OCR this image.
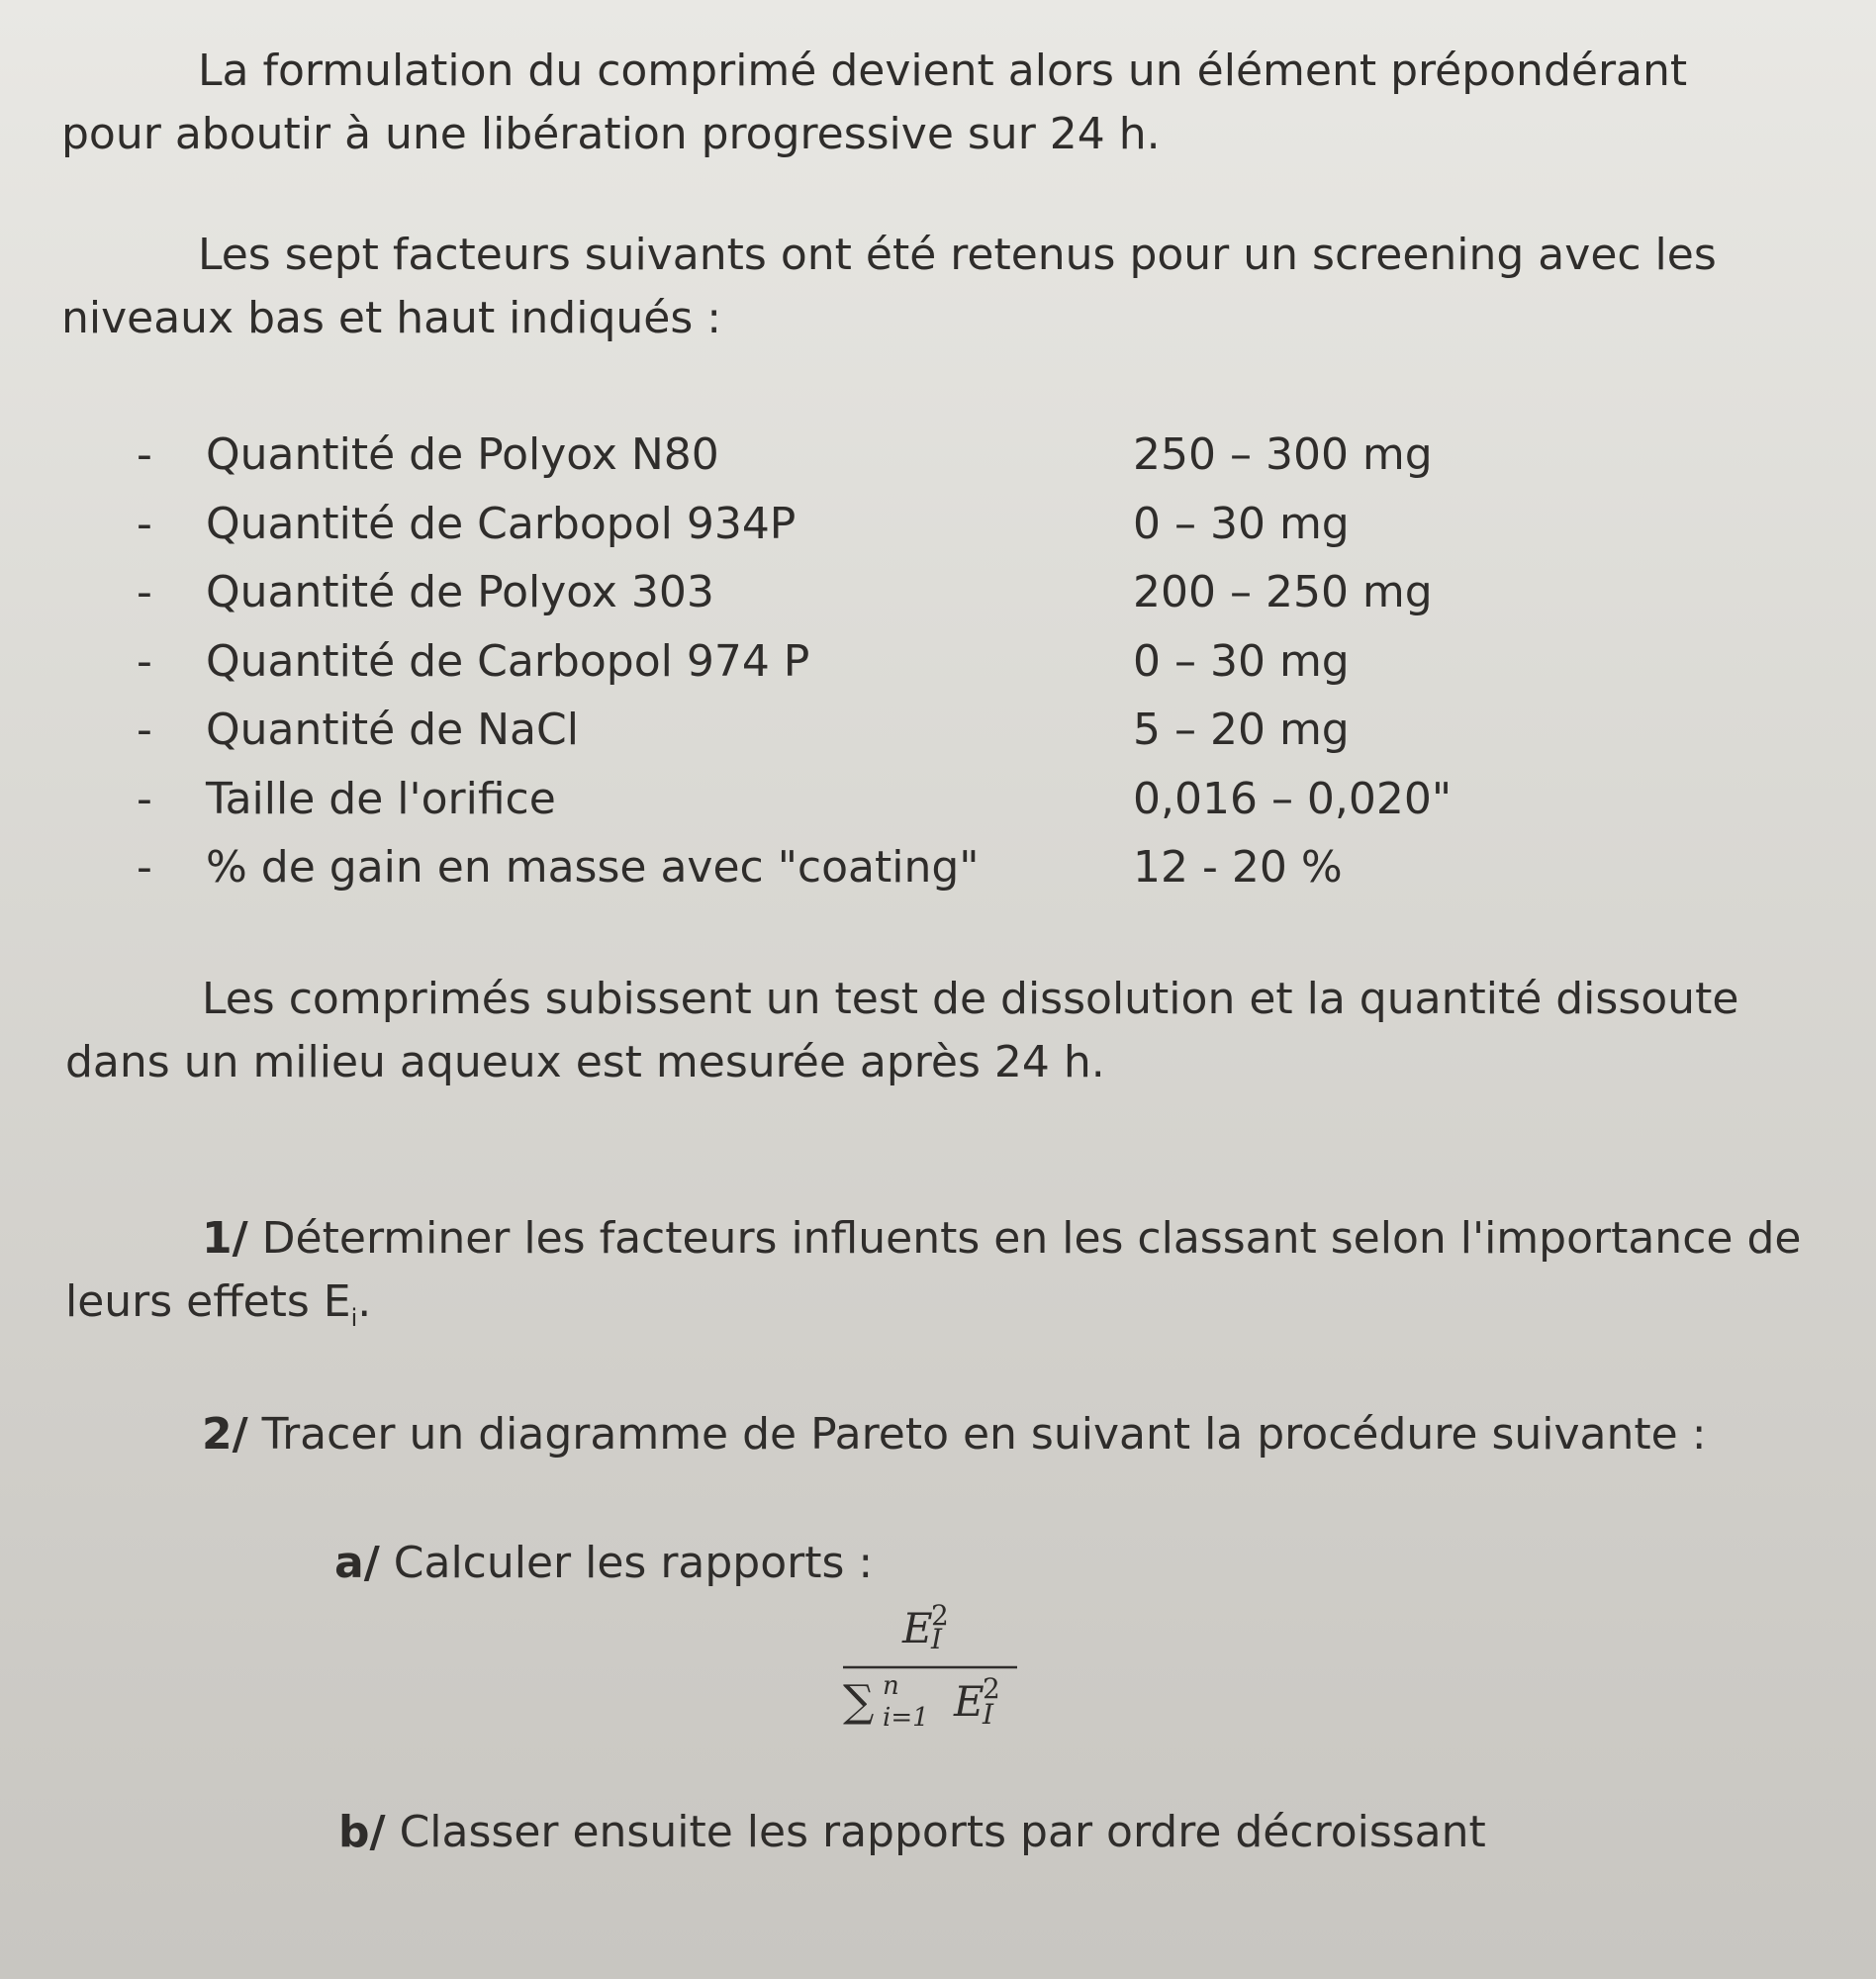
La formulation du comprimé devient alors un élément prépondérant
pour aboutir à une libération progressive sur 24 h.
Les sept facteurs suivants ont été retenus pour un screening avec les
niveaux bas et haut indiqués :
- Quantité de Polyox N80	250 – 300 mg
- Quantité de Carbopol 934P	0 – 30 mg
- Quantité de Polyox 303	200 – 250 mg
- Quantité de Carbopol 974 P	0 – 30 mg
- Quantité de NaCl	5 – 20 mg
- Taille de l'orifice	0,016 – 0,020"
- % de gain en masse avec "coating"	12 - 20 %
Les comprimés subissent un test de dissolution et la quantité dissoute
dans un milieu aqueux est mesurée après 24 h.
1/ Déterminer les facteurs influents en les classant selon l'importance de
leurs effets $E_i$.
2/ Tracer un diagramme de Pareto en suivant la procédure suivante :
a/ Calculer les rapports :
E
2
I
∑ n
i=1 E
2
I
b/ Classer ensuite les rapports par ordre décroissant
